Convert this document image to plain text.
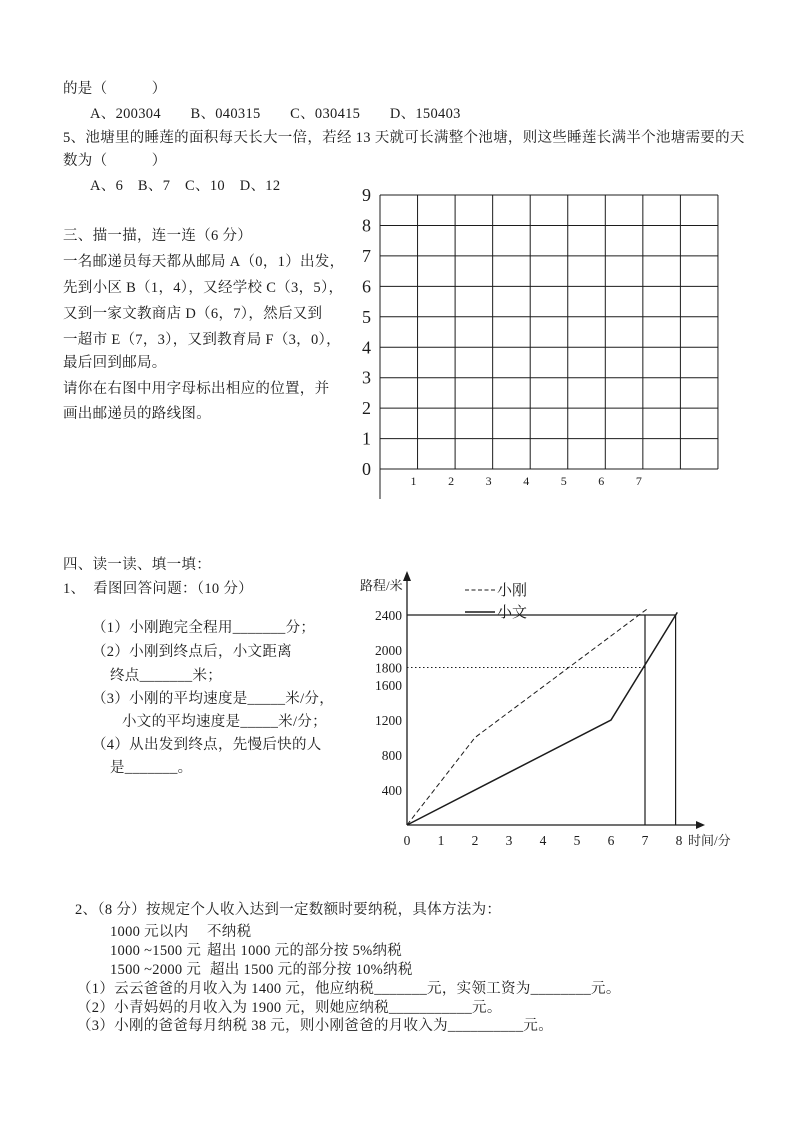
的是（　　　）
A、200304　　B、040315　　C、030415　　D、150403
5、池塘里的睡莲的面积每天长大一倍，若经 13 天就可长满整个池塘，则这些睡莲长满半个池塘需要的天
数为（　　　）
A、6　B、7　C、10　D、12
三、描一描，连一连（6 分）
一名邮递员每天都从邮局 A（0，1）出发，
先到小区 B（1，4），又经学校 C（3，5），
又到一家文教商店 D（6，7），然后又到
一超市 E（7，3），又到教育局 F（3，0），
最后回到邮局。
请你在右图中用字母标出相应的位置，并
画出邮递员的路线图。
9
8
7
6
5
4
3
2
1
0
1	2	3	4	5	6	7
四、读一读、填一填：
1、  看图回答问题：（10 分）
（1）小刚跑完全程用_______分；
（2）小刚到终点后，小文距离
终点_______米；
（3）小刚的平均速度是_____米/分，
小文的平均速度是_____米/分；
（4）从出发到终点，先慢后快的人
是_______。
小刚
小文
2400
2000
1800
1600
1200
800
400
0 1 2 3 4 5 6 7 8
路程/米
时间/分
2、（8 分）按规定个人收入达到一定数额时要纳税，具体方法为：
1000 元以内 不纳税
1000 ~1500 元 超出 1000 元的部分按 5%纳税
1500 ~2000 元 超出 1500 元的部分按 10%纳税
（1）云云爸爸的月收入为 1400 元，他应纳税_______元，实领工资为________元。
（2）小青妈妈的月收入为 1900 元，则她应纳税___________元。
（3）小刚的爸爸每月纳税 38 元，则小刚爸爸的月收入为__________元。
